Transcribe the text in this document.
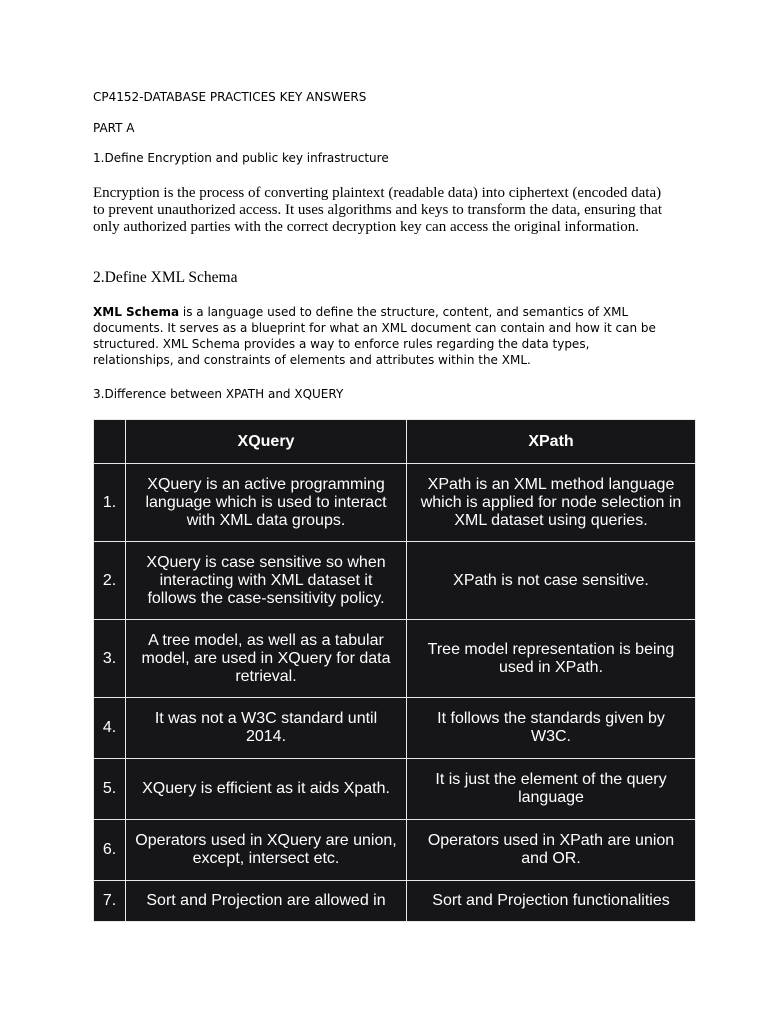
CP4152-DATABASE PRACTICES KEY ANSWERS

PART A

1.Define Encryption and public key infrastructure

Encryption is the process of converting plaintext (readable data) into ciphertext (encoded data) to prevent unauthorized access. It uses algorithms and keys to transform the data, ensuring that only authorized parties with the correct decryption key can access the original information.

2.Define XML Schema

XML Schema is a language used to define the structure, content, and semantics of XML documents. It serves as a blueprint for what an XML document can contain and how it can be structured. XML Schema provides a way to enforce rules regarding the data types, relationships, and constraints of elements and attributes within the XML.

3.Difference between XPATH and XQUERY

	XQuery	XPath
1.	XQuery is an active programming language which is used to interact with XML data groups.	XPath is an XML method language which is applied for node selection in XML dataset using queries.
2.	XQuery is case sensitive so when interacting with XML dataset it follows the case-sensitivity policy.	XPath is not case sensitive.
3.	A tree model, as well as a tabular model, are used in XQuery for data retrieval.	Tree model representation is being used in XPath.
4.	It was not a W3C standard until 2014.	It follows the standards given by W3C.
5.	XQuery is efficient as it aids Xpath.	It is just the element of the query language
6.	Operators used in XQuery are union, except, intersect etc.	Operators used in XPath are union and OR.
7.	Sort and Projection are allowed in	Sort and Projection functionalities
